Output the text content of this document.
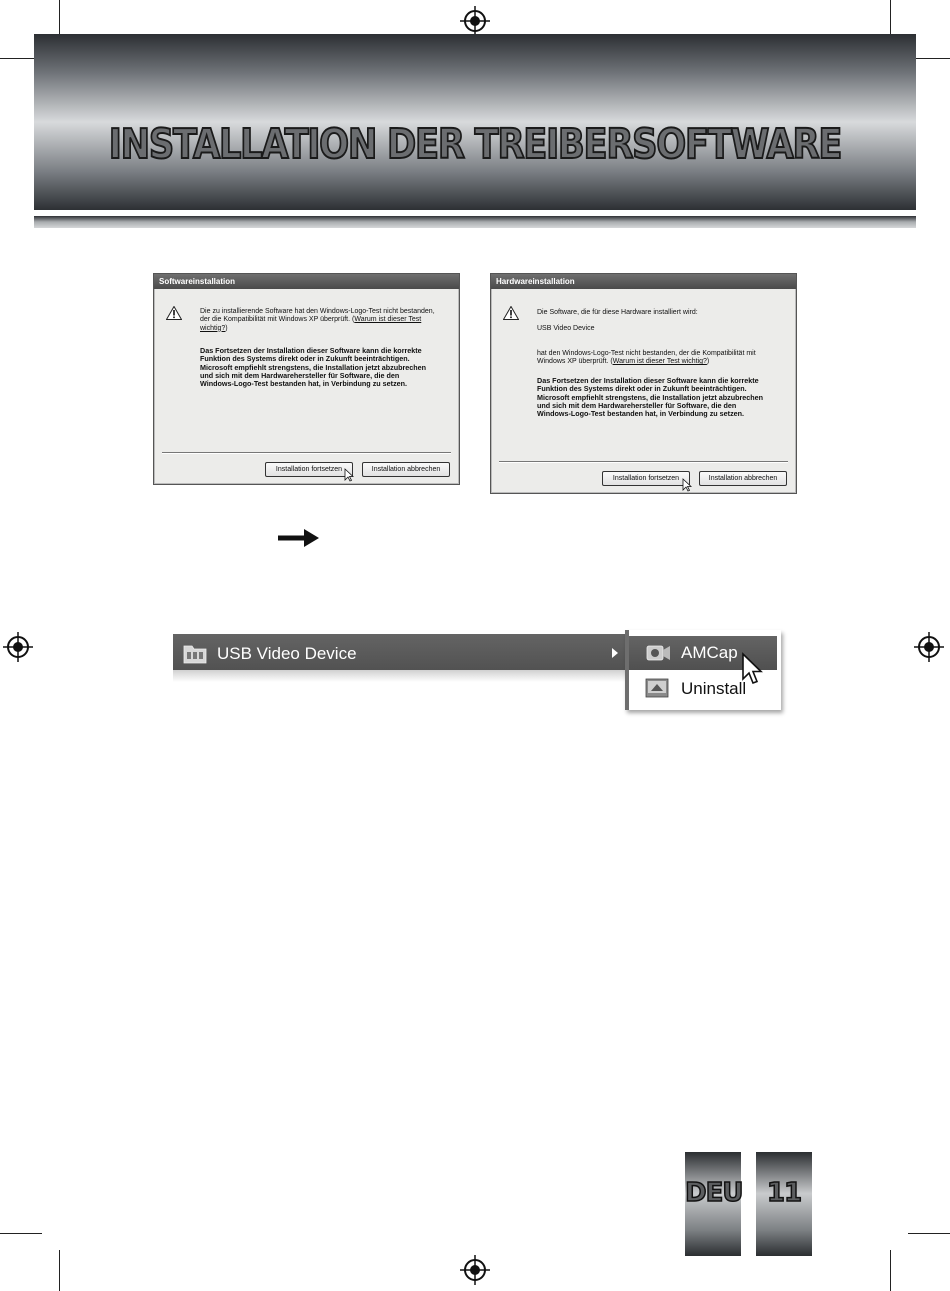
INSTALLATION DER TREIBERSOFTWARE
Softwareinstallation
Die zu installierende Software hat den Windows-Logo-Test nicht bestanden,
der die Kompatibilität mit Windows XP überprüft. (Warum ist dieser Test wichtig?)
Das Fortsetzen der Installation dieser Software kann die korrekte
Funktion des Systems direkt oder in Zukunft beeinträchtigen.
Microsoft empfiehlt strengstens, die Installation jetzt abzubrechen
und sich mit dem Hardwarehersteller für Software, die den
Windows-Logo-Test bestanden hat, in Verbindung zu setzen.
Installation fortsetzen	Installation abbrechen
Hardwareinstallation
Die Software, die für diese Hardware installiert wird:
USB Video Device
hat den Windows-Logo-Test nicht bestanden, der die Kompatibilität mit
Windows XP überprüft. (Warum ist dieser Test wichtig?)
Das Fortsetzen der Installation dieser Software kann die korrekte
Funktion des Systems direkt oder in Zukunft beeinträchtigen.
Microsoft empfiehlt strengstens, die Installation jetzt abzubrechen
und sich mit dem Hardwarehersteller für Software, die den
Windows-Logo-Test bestanden hat, in Verbindung zu setzen.
Installation fortsetzen	Installation abbrechen
USB Video Device	AMCap
Uninstall
DEU 11
